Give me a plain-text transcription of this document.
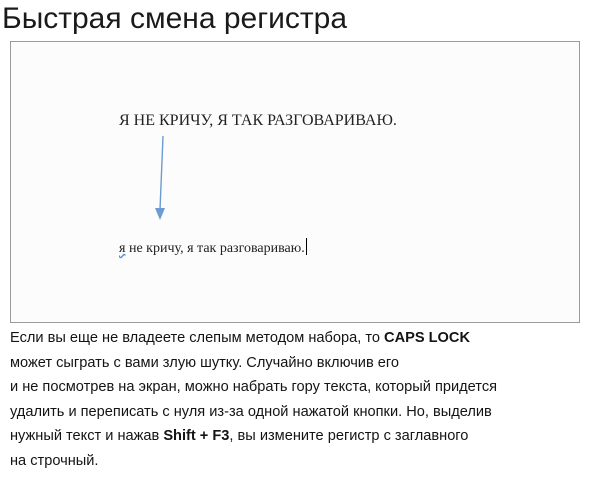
Быстрая смена регистра
Я НЕ КРИЧУ, Я ТАК РАЗГОВАРИВАЮ.
я не кричу, я так разговариваю.
Если вы еще не владеете слепым методом набора, то CAPS LOCK
может сыграть с вами злую шутку. Случайно включив его
и не посмотрев на экран, можно набрать гору текста, который придется
удалить и переписать с нуля из-за одной нажатой кнопки. Но, выделив
нужный текст и нажав Shift + F3, вы измените регистр с заглавного
на строчный.
